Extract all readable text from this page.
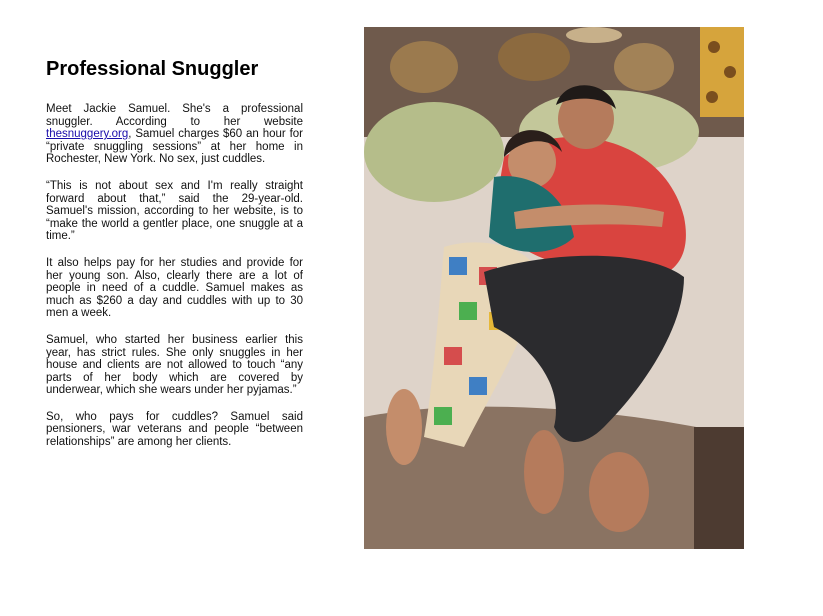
Professional Snuggler

Meet Jackie Samuel. She's a professional snuggler. According to her website thesnuggery.org, Samuel charges $60 an hour for “private snuggling sessions” at her home in Rochester, New York. No sex, just cuddles.

“This is not about sex and I'm really straight forward about that,” said the 29-year-old. Samuel's mission, according to her website, is to “make the world a gentler place, one snuggle at a time.”

It also helps pay for her studies and provide for her young son. Also, clearly there are a lot of people in need of a cuddle. Samuel makes as much as $260 a day and cuddles with up to 30 men a week.

Samuel, who started her business earlier this year, has strict rules. She only snuggles in her house and clients are not allowed to touch “any parts of her body which are covered by underwear, which she wears under her pyjamas.”

So, who pays for cuddles? Samuel said pensioners, war veterans and people “between relationships” are among her clients.
